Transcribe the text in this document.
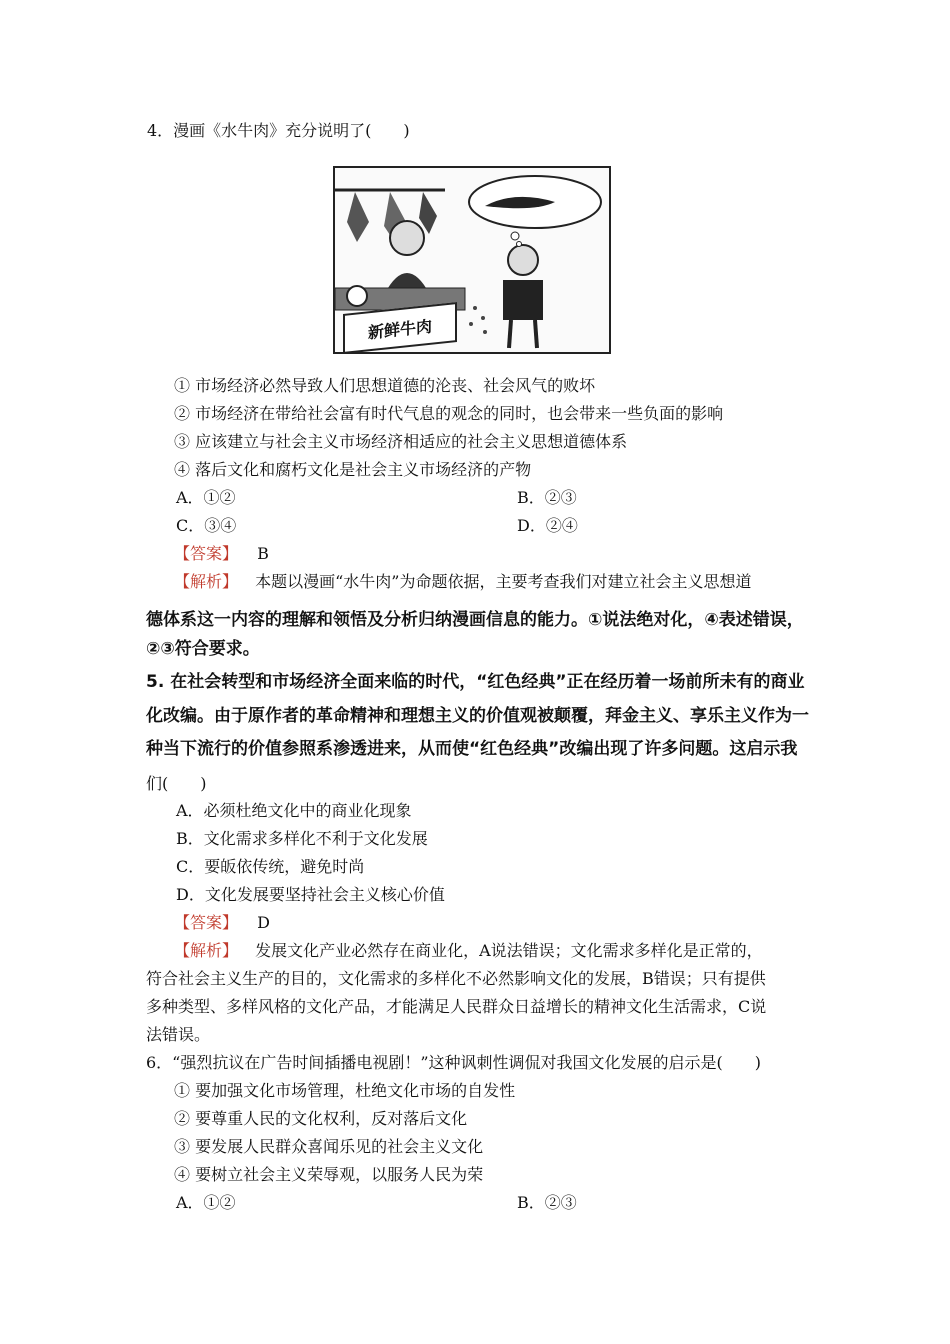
4．漫画《水牛肉》充分说明了(　　)
新鲜牛肉
① 市场经济必然导致人们思想道德的沦丧、社会风气的败坏
② 市场经济在带给社会富有时代气息的观念的同时，也会带来一些负面的影响
③ 应该建立与社会主义市场经济相适应的社会主义思想道德体系
④ 落后文化和腐朽文化是社会主义市场经济的产物
A．①②	B．②③
C．③④	D．②④
【答案】 B
【解析】 本题以漫画“水牛肉”为命题依据，主要考查我们对建立社会主义思想道
德体系这一内容的理解和领悟及分析归纳漫画信息的能力。①说法绝对化，④表述错误，
②③符合要求。
5. 在社会转型和市场经济全面来临的时代，“红色经典”正在经历着一场前所未有的商业
化改编。由于原作者的革命精神和理想主义的价值观被颠覆，拜金主义、享乐主义作为一
种当下流行的价值参照系渗透进来，从而使“红色经典”改编出现了许多问题。这启示我
们(　　)
A．必须杜绝文化中的商业化现象
B．文化需求多样化不利于文化发展
C．要皈依传统，避免时尚
D．文化发展要坚持社会主义核心价值
【答案】 D
【解析】 发展文化产业必然存在商业化，A说法错误；文化需求多样化是正常的，
符合社会主义生产的目的，文化需求的多样化不必然影响文化的发展，B错误；只有提供
多种类型、多样风格的文化产品，才能满足人民群众日益增长的精神文化生活需求，C说
法错误。
6．“强烈抗议在广告时间插播电视剧！”这种讽刺性调侃对我国文化发展的启示是(　　)
① 要加强文化市场管理，杜绝文化市场的自发性
② 要尊重人民的文化权利，反对落后文化
③ 要发展人民群众喜闻乐见的社会主义文化
④ 要树立社会主义荣辱观，以服务人民为荣
A．①②	B．②③
